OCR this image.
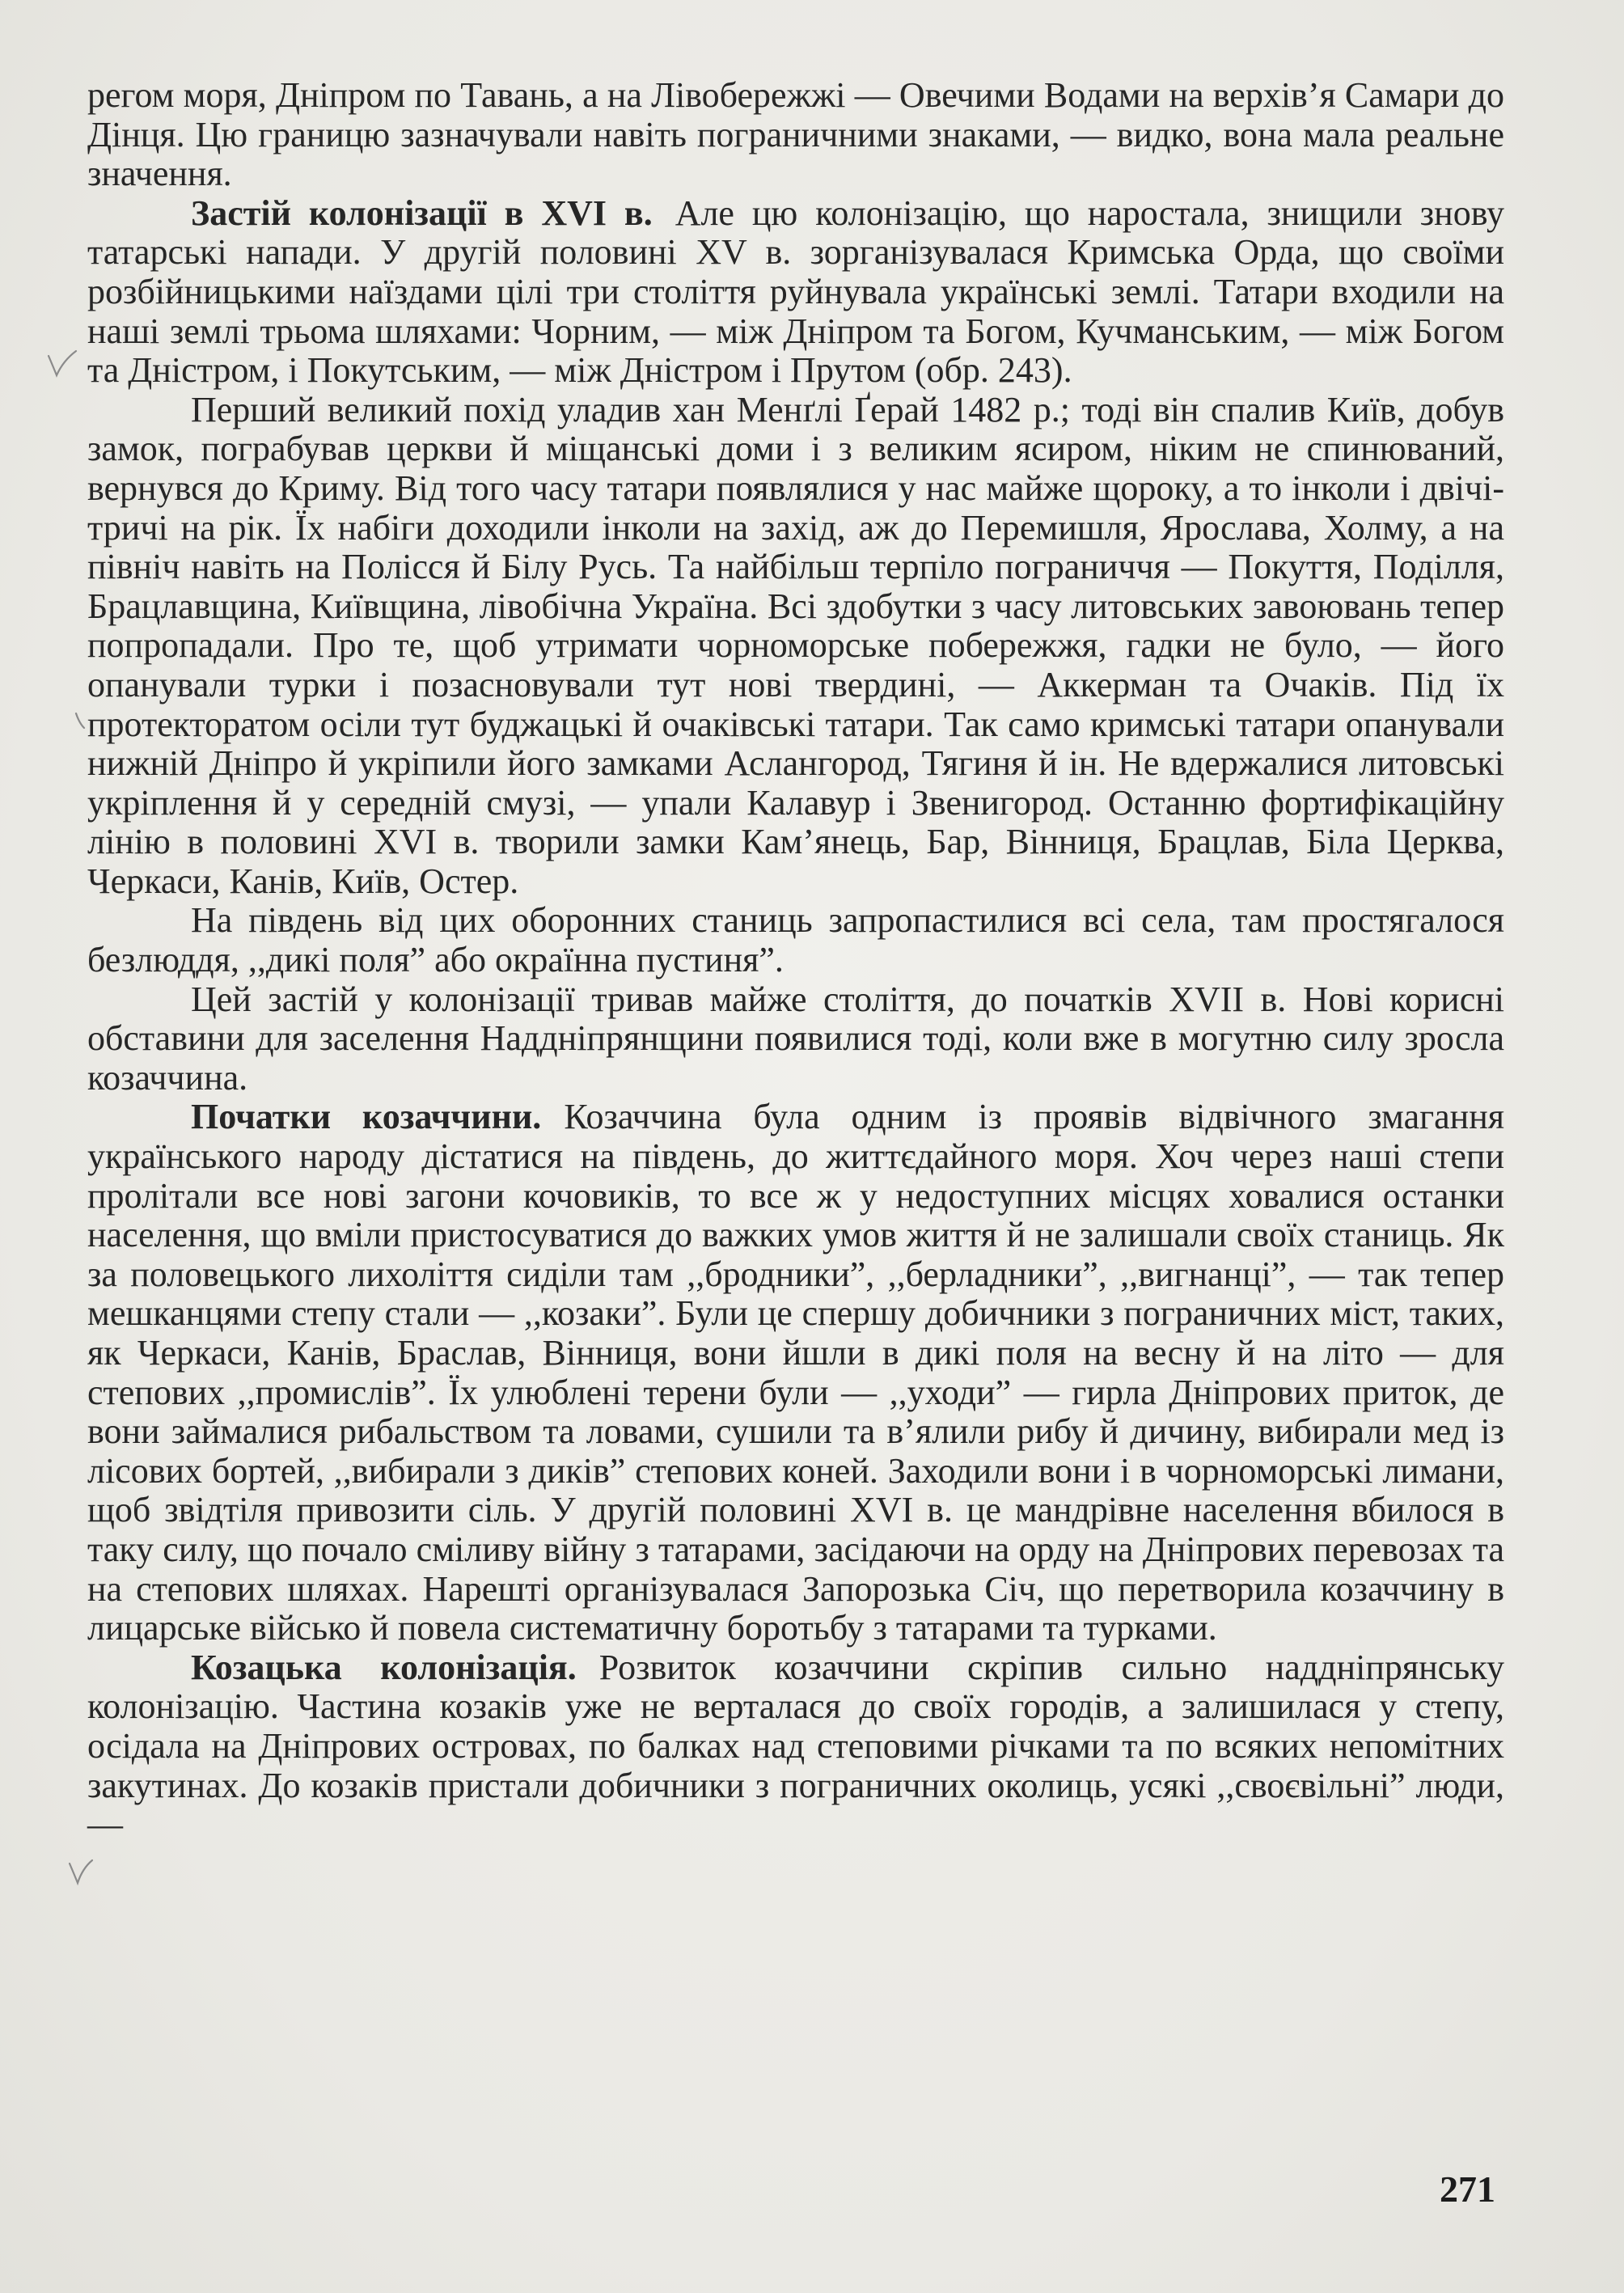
регом моря, Дніпром по Тавань, а на Лівобережжі — Овечими Водами на верхів’я Самари до Дінця. Цю границю зазначували навіть пограничними знаками, — видко, вона мала реальне значення.

Застій колонізації в XVI в. Але цю колонізацію, що наростала, знищили знову татарські напади. У другій половині XV в. зорганізувалася Кримська Орда, що своїми розбійницькими наїздами цілі три століття руйнувала українські землі. Татари входили на наші землі трьома шляхами: Чорним, — між Дніпром та Богом, Кучманським, — між Богом та Дністром, і Покутським, — між Дністром і Прутом (обр. 243).

Перший великий похід уладив хан Менґлі Ґерай 1482 р.; тоді він спалив Київ, добув замок, пограбував церкви й міщанські доми і з великим ясиром, ніким не спинюваний, вернувся до Криму. Від того часу татари появлялися у нас майже щороку, а то інколи і двічі-тричі на рік. Їх набіги доходили інколи на захід, аж до Перемишля, Ярослава, Холму, а на північ навіть на Полісся й Білу Русь. Та найбільш терпіло пограниччя — Покуття, Поділля, Брацлавщина, Київщина, лівобічна Україна. Всі здобутки з часу литовських завоювань тепер попропадали. Про те, щоб утримати чорноморське побережжя, гадки не було, — його опанували турки і позасновували тут нові твердині, — Аккерман та Очаків. Під їх протекторатом осіли тут буджацькі й очаківські татари. Так само кримські татари опанували нижній Дніпро й укріпили його замками Аслангород, Тягиня й ін. Не вдержалися литовські укріплення й у середній смузі, — упали Калавур і Звенигород. Останню фортифікаційну лінію в половині XVI в. творили замки Кам’янець, Бар, Вінниця, Брацлав, Біла Церква, Черкаси, Канів, Київ, Остер.

На південь від цих оборонних станиць запропастилися всі села, там простягалося безлюддя, ,,дикі поля” або окраїнна пустиня”.

Цей застій у колонізації тривав майже століття, до початків XVII в. Нові корисні обставини для заселення Наддніпрянщини появилися тоді, коли вже в могутню силу зросла козаччина.

Початки козаччини. Козаччина була одним із проявів відвічного змагання українського народу дістатися на південь, до життєдайного моря. Хоч через наші степи пролітали все нові загони кочовиків, то все ж у недоступних місцях ховалися останки населення, що вміли пристосуватися до важких умов життя й не залишали своїх станиць. Як за половецького лихоліття сиділи там ,,бродники”, ,,берладники”, ,,вигнанці”, — так тепер мешканцями степу стали — ,,козаки”. Були це спершу добичники з пограничних міст, таких, як Черкаси, Канів, Браслав, Вінниця, вони йшли в дикі поля на весну й на літо — для степових ,,промислів”. Їх улюблені терени були — ,,уходи” — гирла Дніпрових приток, де вони займалися рибальством та ловами, сушили та в’ялили рибу й дичину, вибирали мед із лісових бортей, ,,вибирали з диків” степових коней. Заходили вони і в чорноморські лимани, щоб звідтіля привозити сіль. У другій половині XVI в. це мандрівне населення вбилося в таку силу, що почало сміливу війну з татарами, засідаючи на орду на Дніпрових перевозах та на степових шляхах. Нарешті організувалася Запорозька Січ, що перетворила козаччину в лицарське військо й повела систематичну боротьбу з татарами та турками.

Козацька колонізація. Розвиток козаччини скріпив сильно наддніпрянську колонізацію. Частина козаків уже не верталася до своїх городів, а залишилася у степу, осідала на Дніпрових островах, по балках над степовими річками та по всяких непомітних закутинах. До козаків пристали добичники з пограничних околиць, усякі ,,своєвільні” люди, —

271
